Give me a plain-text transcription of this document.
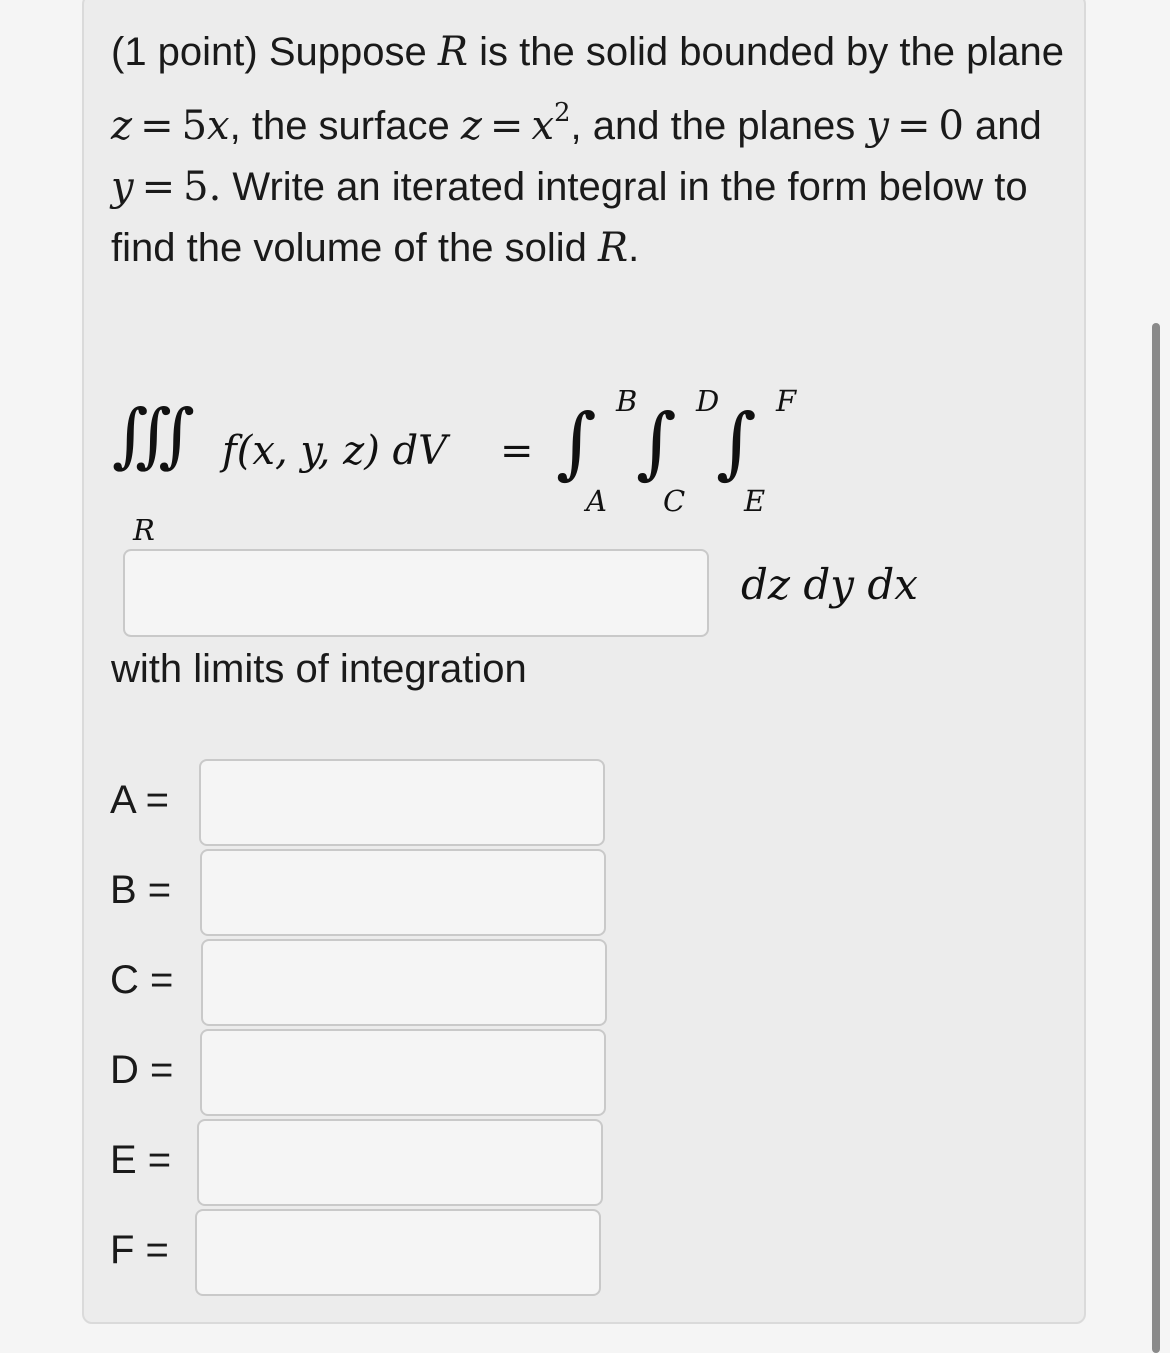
(1 point) Suppose R is the solid bounded by the plane z = 5x, the surface $z = x^2$, and the planes y = 0 and y = 5. Write an iterated integral in the form below to find the volume of the solid R.

∭
R
f(x, y, z) dV = ∫ B
A
∫ D
C
∫ F
E
dz dy dx
with limits of integration
A =
B =
C =
D =
E =
F =
